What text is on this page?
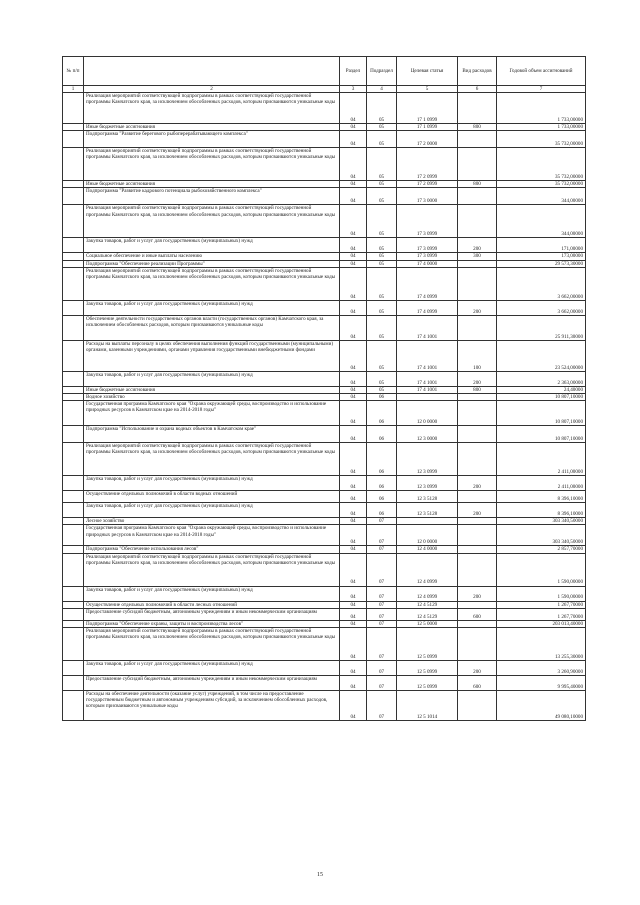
№ п/п		Раздел	Подраздел	Целевая статья	Вид расходов	Годовой объем ассигнований
1	2	3	4	5	6	7
	Реализация мероприятий соответствующей подпрограммы в рамках соответствующей государственной программы Камчатского края, за исключением обособленных расходов, которым присваиваются уникальные коды	04	05	17 1 0999		1 733,00000
	Иные бюджетные ассигнования	04	05	17 1 0999	800	1 733,00000
	Подпрограмма "Развитие берегового рыбоперерабатывающего комплекса"	04	05	17 2 0000		35 732,00000
	Реализация мероприятий соответствующей подпрограммы в рамках соответствующей государственной программы Камчатского края, за исключением обособленных расходов, которым присваиваются уникальные коды	04	05	17 2 0999		35 732,00000
	Иные бюджетные ассигнования	04	05	17 2 0999	800	35 732,00000
	Подпрограмма "Развитие кадрового потенциала рыбохозяйственного комплекса"	04	05	17 3 0000		344,00000
	Реализация мероприятий соответствующей подпрограммы в рамках соответствующей государственной программы Камчатского края, за исключением обособленных расходов, которым присваиваются уникальные коды	04	05	17 3 0999		344,00000
	Закупка товаров, работ и услуг для государственных (муниципальных) нужд	04	05	17 3 0999	200	171,00000
	Социальное обеспечение и иные выплаты населению	04	05	17 3 0999	300	173,00000
	Подпрограмма "Обеспечение реализации Программы"	04	05	17 4 0000		29 573,30000
	Реализация мероприятий соответствующей подпрограммы в рамках соответствующей государственной программы Камчатского края, за исключением обособленных расходов, которым присваиваются уникальные коды	04	05	17 4 0999		3 662,00000
	Закупка товаров, работ и услуг для государственных (муниципальных) нужд	04	05	17 4 0999	200	3 662,00000
	Обеспечение деятельности государственных органов власти (государственных органов) Камчатского края, за исключением обособленных расходов, которым присваиваются уникальные коды	04	05	17 4 1001		25 911,30000
	Расходы на выплаты персоналу в целях обеспечения выполнения функций государственными (муниципальными) органами, казенными учреждениями, органами управления государственными внебюджетными фондами	04	05	17 4 1001	100	23 524,00000
	Закупка товаров, работ и услуг для государственных (муниципальных) нужд	04	05	17 4 1001	200	2 363,00000
	Иные бюджетные ассигнования	04	05	17 4 1001	800	24,40000
	Водное хозяйство	04	06			10 807,10000
	Государственная программа Камчатского края "Охрана окружающей среды, воспроизводство и использование природных ресурсов в Камчатском крае на 2014-2018 годы"	04	06	12 0 0000		10 807,10000
	Подпрограмма "Использование и охрана водных объектов в Камчатском крае"	04	06	12 3 0000		10 807,10000
	Реализация мероприятий соответствующей подпрограммы в рамках соответствующей государственной программы Камчатского края, за исключением обособленных расходов, которым присваиваются уникальные коды	04	06	12 3 0999		2 411,00000
	Закупка товаров, работ и услуг для государственных (муниципальных) нужд	04	06	12 3 0999	200	2 411,00000
	Осуществление отдельных полномочий в области водных отношений	04	06	12 3 5128		8 396,10000
	Закупка товаров, работ и услуг для государственных (муниципальных) нужд	04	06	12 3 5128	200	8 396,10000
	Лесное хозяйство	04	07			303 340,50000
	Государственная программа Камчатского края "Охрана окружающей среды, воспроизводство и использование природных ресурсов в Камчатском крае на 2014-2018 годы"	04	07	12 0 0000		303 340,50000
	Подпрограмма "Обеспечение использования лесов"	04	07	12 4 0000		2 857,70000
	Реализация мероприятий соответствующей подпрограммы в рамках соответствующей государственной программы Камчатского края, за исключением обособленных расходов, которым присваиваются уникальные коды	04	07	12 4 0999		1 590,00000
	Закупка товаров, работ и услуг для государственных (муниципальных) нужд	04	07	12 4 0999	200	1 590,00000
	Осуществление отдельных полномочий в области лесных отношений	04	07	12 4 5129		1 267,70000
	Предоставление субсидий бюджетным, автономным учреждениям и иным некоммерческим организациям	04	07	12 4 5129	600	1 267,70000
	Подпрограмма "Обеспечение охраны, защиты и воспроизводства лесов"	04	07	12 5 0000		203 013,40000
	Реализация мероприятий соответствующей подпрограммы в рамках соответствующей государственной программы Камчатского края, за исключением обособленных расходов, которым присваиваются уникальные коды	04	07	12 5 0999		13 255,30000
	Закупка товаров, работ и услуг для государственных (муниципальных) нужд	04	07	12 5 0999	200	3 260,90000
	Предоставление субсидий бюджетным, автономным учреждениям и иным некоммерческим организациям	04	07	12 5 0999	600	9 995,40000
	Расходы на обеспечение деятельности (оказание услуг) учреждений, в том числе на предоставление государственным бюджетным и автономным учреждениям субсидий, за исключением обособленных расходов, которым присваиваются уникальные коды	04	07	12 5 1014		49 080,10000
15
